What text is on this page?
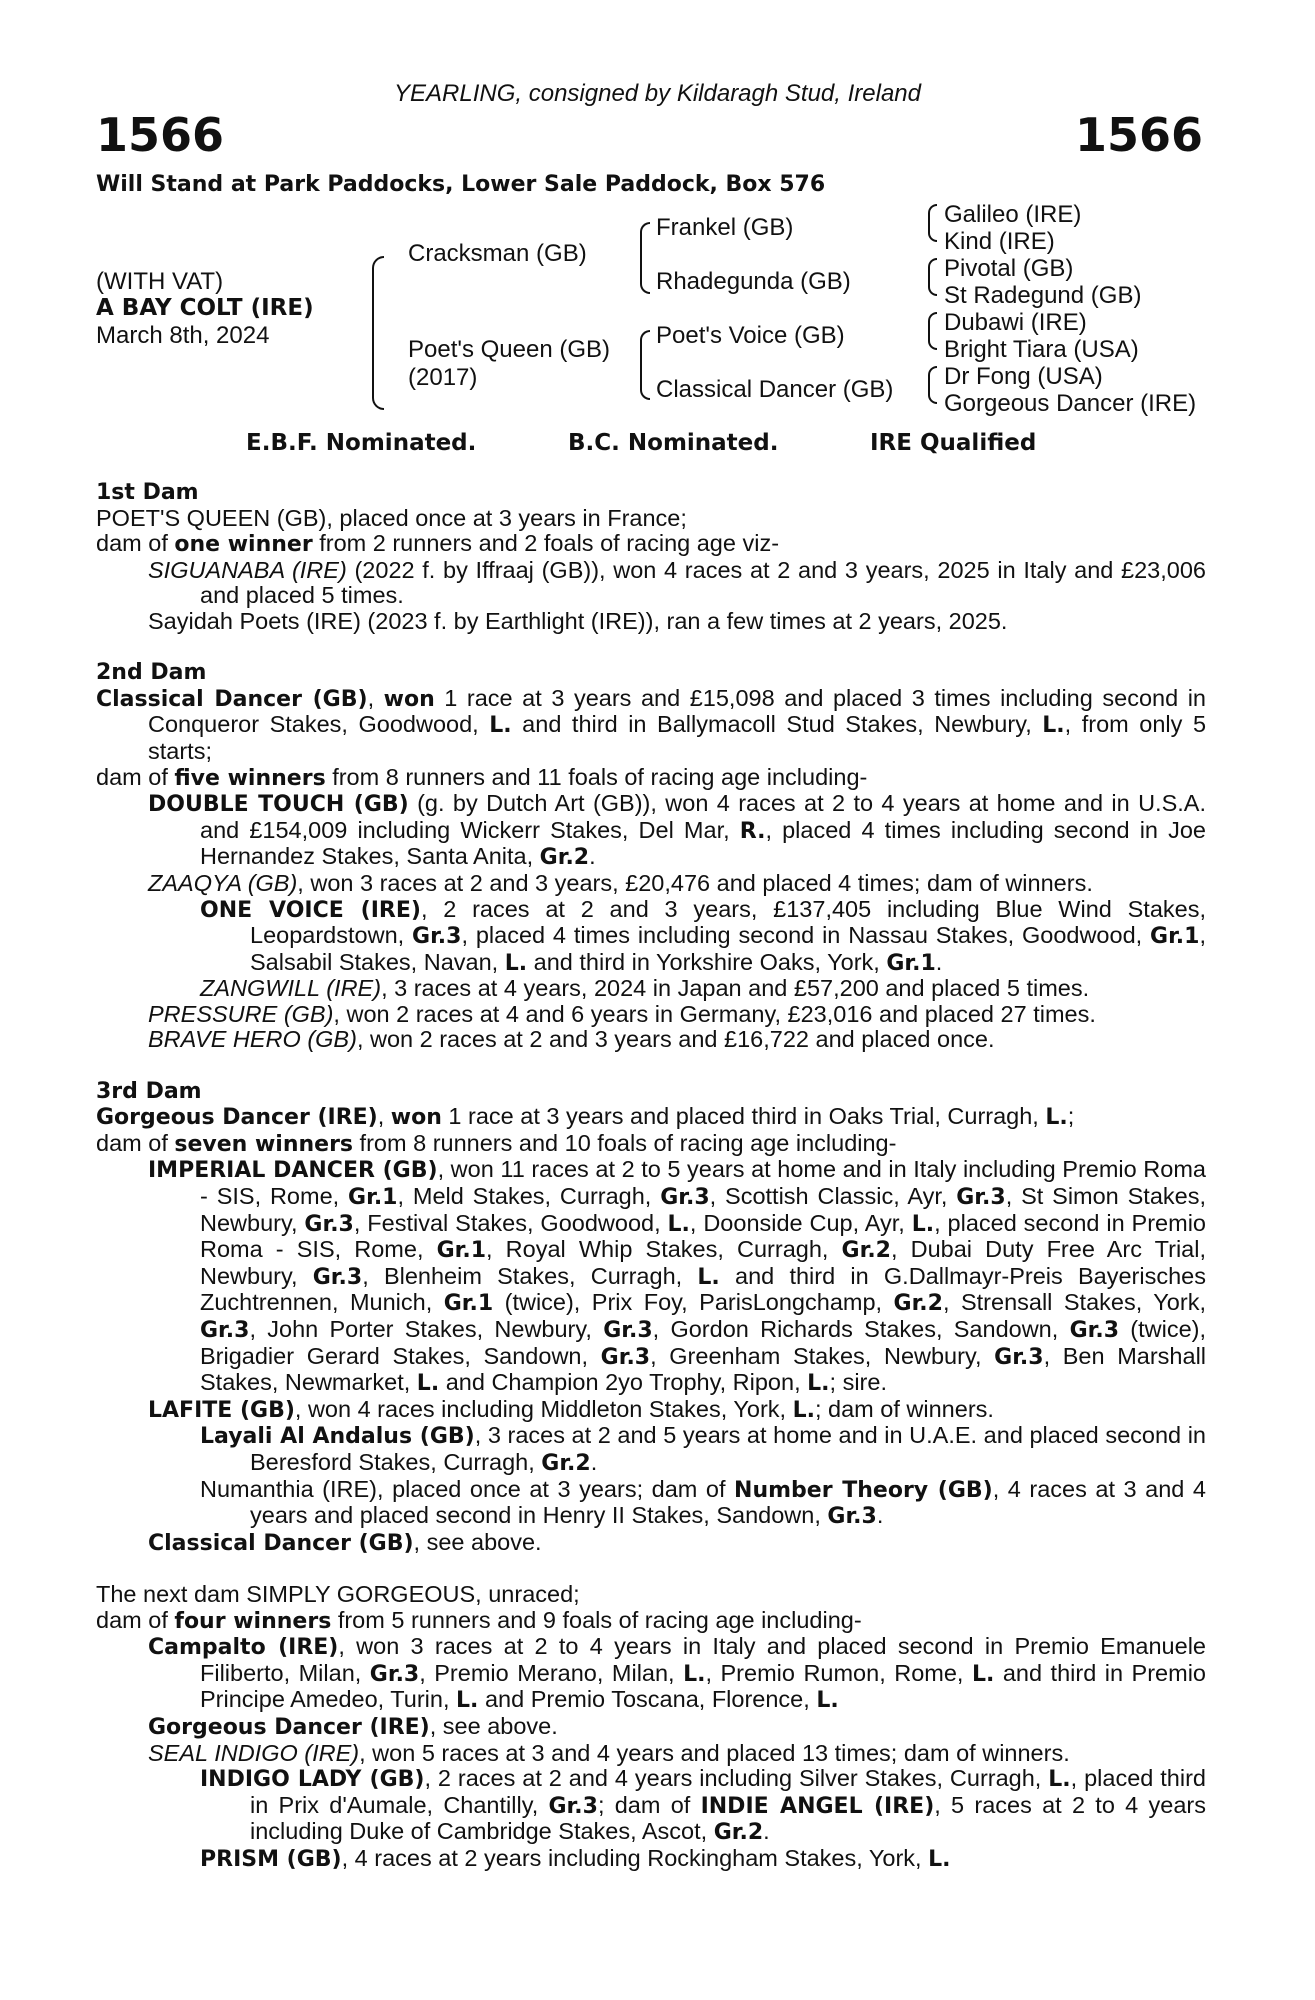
YEARLING, consigned by Kildaragh Stud, Ireland
1566	1566
Will Stand at Park Paddocks, Lower Sale Paddock, Box 576
(WITH VAT)
A BAY COLT (IRE)
March 8th, 2024
Cracksman (GB)
Poet's Queen (GB)
(2017)
Frankel (GB)
Rhadegunda (GB)
Poet's Voice (GB)
Classical Dancer (GB)
Galileo (IRE)
Kind (IRE)
Pivotal (GB)
St Radegund (GB)
Dubawi (IRE)
Bright Tiara (USA)
Dr Fong (USA)
Gorgeous Dancer (IRE)
E.B.F. Nominated.	B.C. Nominated.	IRE Qualified

1st Dam

POET'S QUEEN (GB), placed once at 3 years in France;

dam of one winner from 2 runners and 2 foals of racing age viz-

SIGUANABA (IRE) (2022 f. by Iffraaj (GB)), won 4 races at 2 and 3 years, 2025 in Italy and £23,006 and placed 5 times.

Sayidah Poets (IRE) (2023 f. by Earthlight (IRE)), ran a few times at 2 years, 2025.

2nd Dam

Classical Dancer (GB), won 1 race at 3 years and £15,098 and placed 3 times including second in Conqueror Stakes, Goodwood, L. and third in Ballymacoll Stud Stakes, Newbury, L., from only 5 starts;

dam of five winners from 8 runners and 11 foals of racing age including-

DOUBLE TOUCH (GB) (g. by Dutch Art (GB)), won 4 races at 2 to 4 years at home and in U.S.A. and £154,009 including Wickerr Stakes, Del Mar, R., placed 4 times including second in Joe Hernandez Stakes, Santa Anita, Gr.2.

ZAAQYA (GB), won 3 races at 2 and 3 years, £20,476 and placed 4 times; dam of winners.

ONE VOICE (IRE), 2 races at 2 and 3 years, £137,405 including Blue Wind Stakes, Leopardstown, Gr.3, placed 4 times including second in Nassau Stakes, Goodwood, Gr.1, Salsabil Stakes, Navan, L. and third in Yorkshire Oaks, York, Gr.1.

ZANGWILL (IRE), 3 races at 4 years, 2024 in Japan and £57,200 and placed 5 times.

PRESSURE (GB), won 2 races at 4 and 6 years in Germany, £23,016 and placed 27 times.

BRAVE HERO (GB), won 2 races at 2 and 3 years and £16,722 and placed once.

3rd Dam

Gorgeous Dancer (IRE), won 1 race at 3 years and placed third in Oaks Trial, Curragh, L.;

dam of seven winners from 8 runners and 10 foals of racing age including-

IMPERIAL DANCER (GB), won 11 races at 2 to 5 years at home and in Italy including Premio Roma - SIS, Rome, Gr.1, Meld Stakes, Curragh, Gr.3, Scottish Classic, Ayr, Gr.3, St Simon Stakes, Newbury, Gr.3, Festival Stakes, Goodwood, L., Doonside Cup, Ayr, L., placed second in Premio Roma - SIS, Rome, Gr.1, Royal Whip Stakes, Curragh, Gr.2, Dubai Duty Free Arc Trial, Newbury, Gr.3, Blenheim Stakes, Curragh, L. and third in G.Dallmayr-Preis Bayerisches Zuchtrennen, Munich, Gr.1 (twice), Prix Foy, ParisLongchamp, Gr.2, Strensall Stakes, York, Gr.3, John Porter Stakes, Newbury, Gr.3, Gordon Richards Stakes, Sandown, Gr.3 (twice), Brigadier Gerard Stakes, Sandown, Gr.3, Greenham Stakes, Newbury, Gr.3, Ben Marshall Stakes, Newmarket, L. and Champion 2yo Trophy, Ripon, L.; sire.

LAFITE (GB), won 4 races including Middleton Stakes, York, L.; dam of winners.

Layali Al Andalus (GB), 3 races at 2 and 5 years at home and in U.A.E. and placed second in Beresford Stakes, Curragh, Gr.2.

Numanthia (IRE), placed once at 3 years; dam of Number Theory (GB), 4 races at 3 and 4 years and placed second in Henry II Stakes, Sandown, Gr.3.

Classical Dancer (GB), see above.

The next dam SIMPLY GORGEOUS, unraced;

dam of four winners from 5 runners and 9 foals of racing age including-

Campalto (IRE), won 3 races at 2 to 4 years in Italy and placed second in Premio Emanuele Filiberto, Milan, Gr.3, Premio Merano, Milan, L., Premio Rumon, Rome, L. and third in Premio Principe Amedeo, Turin, L. and Premio Toscana, Florence, L.

Gorgeous Dancer (IRE), see above.

SEAL INDIGO (IRE), won 5 races at 3 and 4 years and placed 13 times; dam of winners.

INDIGO LADY (GB), 2 races at 2 and 4 years including Silver Stakes, Curragh, L., placed third in Prix d'Aumale, Chantilly, Gr.3; dam of INDIE ANGEL (IRE), 5 races at 2 to 4 years including Duke of Cambridge Stakes, Ascot, Gr.2.

PRISM (GB), 4 races at 2 years including Rockingham Stakes, York, L.
